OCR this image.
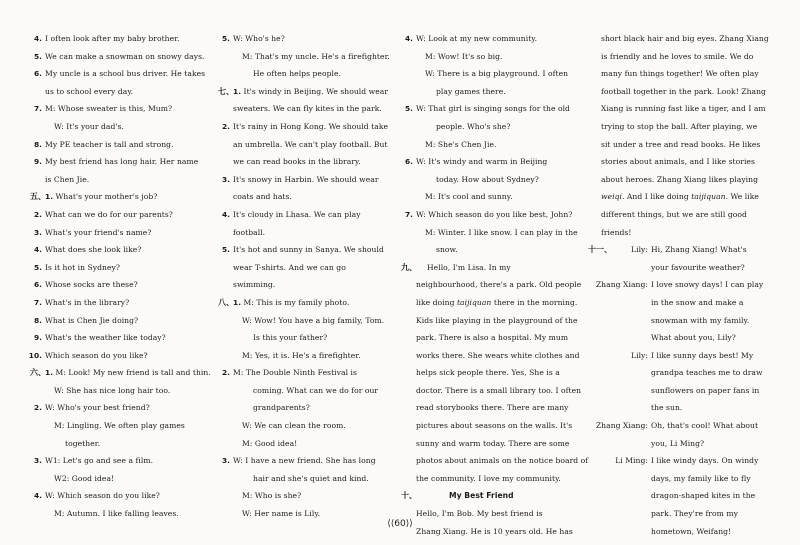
4. I often look after my baby brother.
5. We can make a snowman on snowy days.
6. My uncle is a school bus driver. He takes
us to school every day.
7. M: Whose sweater is this, Mum?
W: It's your dad's.
8. My PE teacher is tall and strong.
9. My best friend has long hair. Her name
is Chen Jie.
五、
1. What's your mother's job?
2. What can we do for our parents?
3. What's your friend's name?
4. What does she look like?
5. Is it hot in Sydney?
6. Whose socks are these?
7. What's in the library?
8. What is Chen Jie doing?
9. What's the weather like today?
10. Which season do you like?
六、
1. M: Look! My new friend is tall and thin.
W: She has nice long hair too.
2. W: Who's your best friend?
M: Lingling. We often play games
together.
3. W1: Let's go and see a film.
W2: Good idea!
4. W: Which season do you like?
M: Autumn. I like falling leaves.
5. W: Who's he?
M: That's my uncle. He's a firefighter.
He often helps people.
七、
1. It's windy in Beijing. We should wear
sweaters. We can fly kites in the park.
2. It's rainy in Hong Kong. We should take
an umbrella. We can't play football. But
we can read books in the library.
3. It's snowy in Harbin. We should wear
coats and hats.
4. It's cloudy in Lhasa. We can play
football.
5. It's hot and sunny in Sanya. We should
wear T-shirts. And we can go
swimming.
八、
1. M: This is my family photo.
W: Wow! You have a big family, Tom.
Is this your father?
M: Yes, it is. He's a firefighter.
2. M: The Double Ninth Festival is
coming. What can we do for our
grandparents?
W: We can clean the room.
M: Good idea!
3. W: I have a new friend. She has long
hair and she's quiet and kind.
M: Who is she?
W: Her name is Lily.
4. W: Look at my new community.
M: Wow! It's so big.
W: There is a big playground. I often
play games there.
5. W: That girl is singing songs for the old
people. Who's she?
M: She's Chen Jie.
6. W: It's windy and warm in Beijing
today. How about Sydney?
M: It's cool and sunny.
7. W: Which season do you like best, John?
M: Winter. I like snow. I can play in the
snow.
九、 Hello, I'm Lisa. In my
neighbourhood, there's a park. Old people
like doing taijiquan there in the morning.
Kids like playing in the playground of the
park. There is also a hospital. My mum
works there. She wears white clothes and
helps sick people there. Yes, She is a
doctor. There is a small library too. I often
read storybooks there. There are many
pictures about seasons on the walls. It's
sunny and warm today. There are some
photos about animals on the notice board of
the community. I love my community.
十、	My Best Friend
Hello, I'm Bob. My best friend is
Zhang Xiang. He is 10 years old. He has
short black hair and big eyes. Zhang Xiang
is friendly and he loves to smile. We do
many fun things together! We often play
football together in the park. Look! Zhang
Xiang is running fast like a tiger, and I am
trying to stop the ball. After playing, we
sit under a tree and read books. He likes
stories about animals, and I like stories
about heroes. Zhang Xiang likes playing
weiqi. And I like doing taijiquan. We like
different things, but we are still good
friends!
十一、 Lily: Hi, Zhang Xiang! What's
your favourite weather?
Zhang Xiang: I love snowy days! I can play
in the snow and make a
snowman with my family.
What about you, Lily?
Lily: I like sunny days best! My
grandpa teaches me to draw
sunflowers on paper fans in
the sun.
Zhang Xiang: Oh, that's cool! What about
you, Li Ming?
Li Ming: I like windy days. On windy
days, my family like to fly
dragon-shaped kites in the
park. They're from my
hometown, Weifang!
⟨⟨60⟩⟩
